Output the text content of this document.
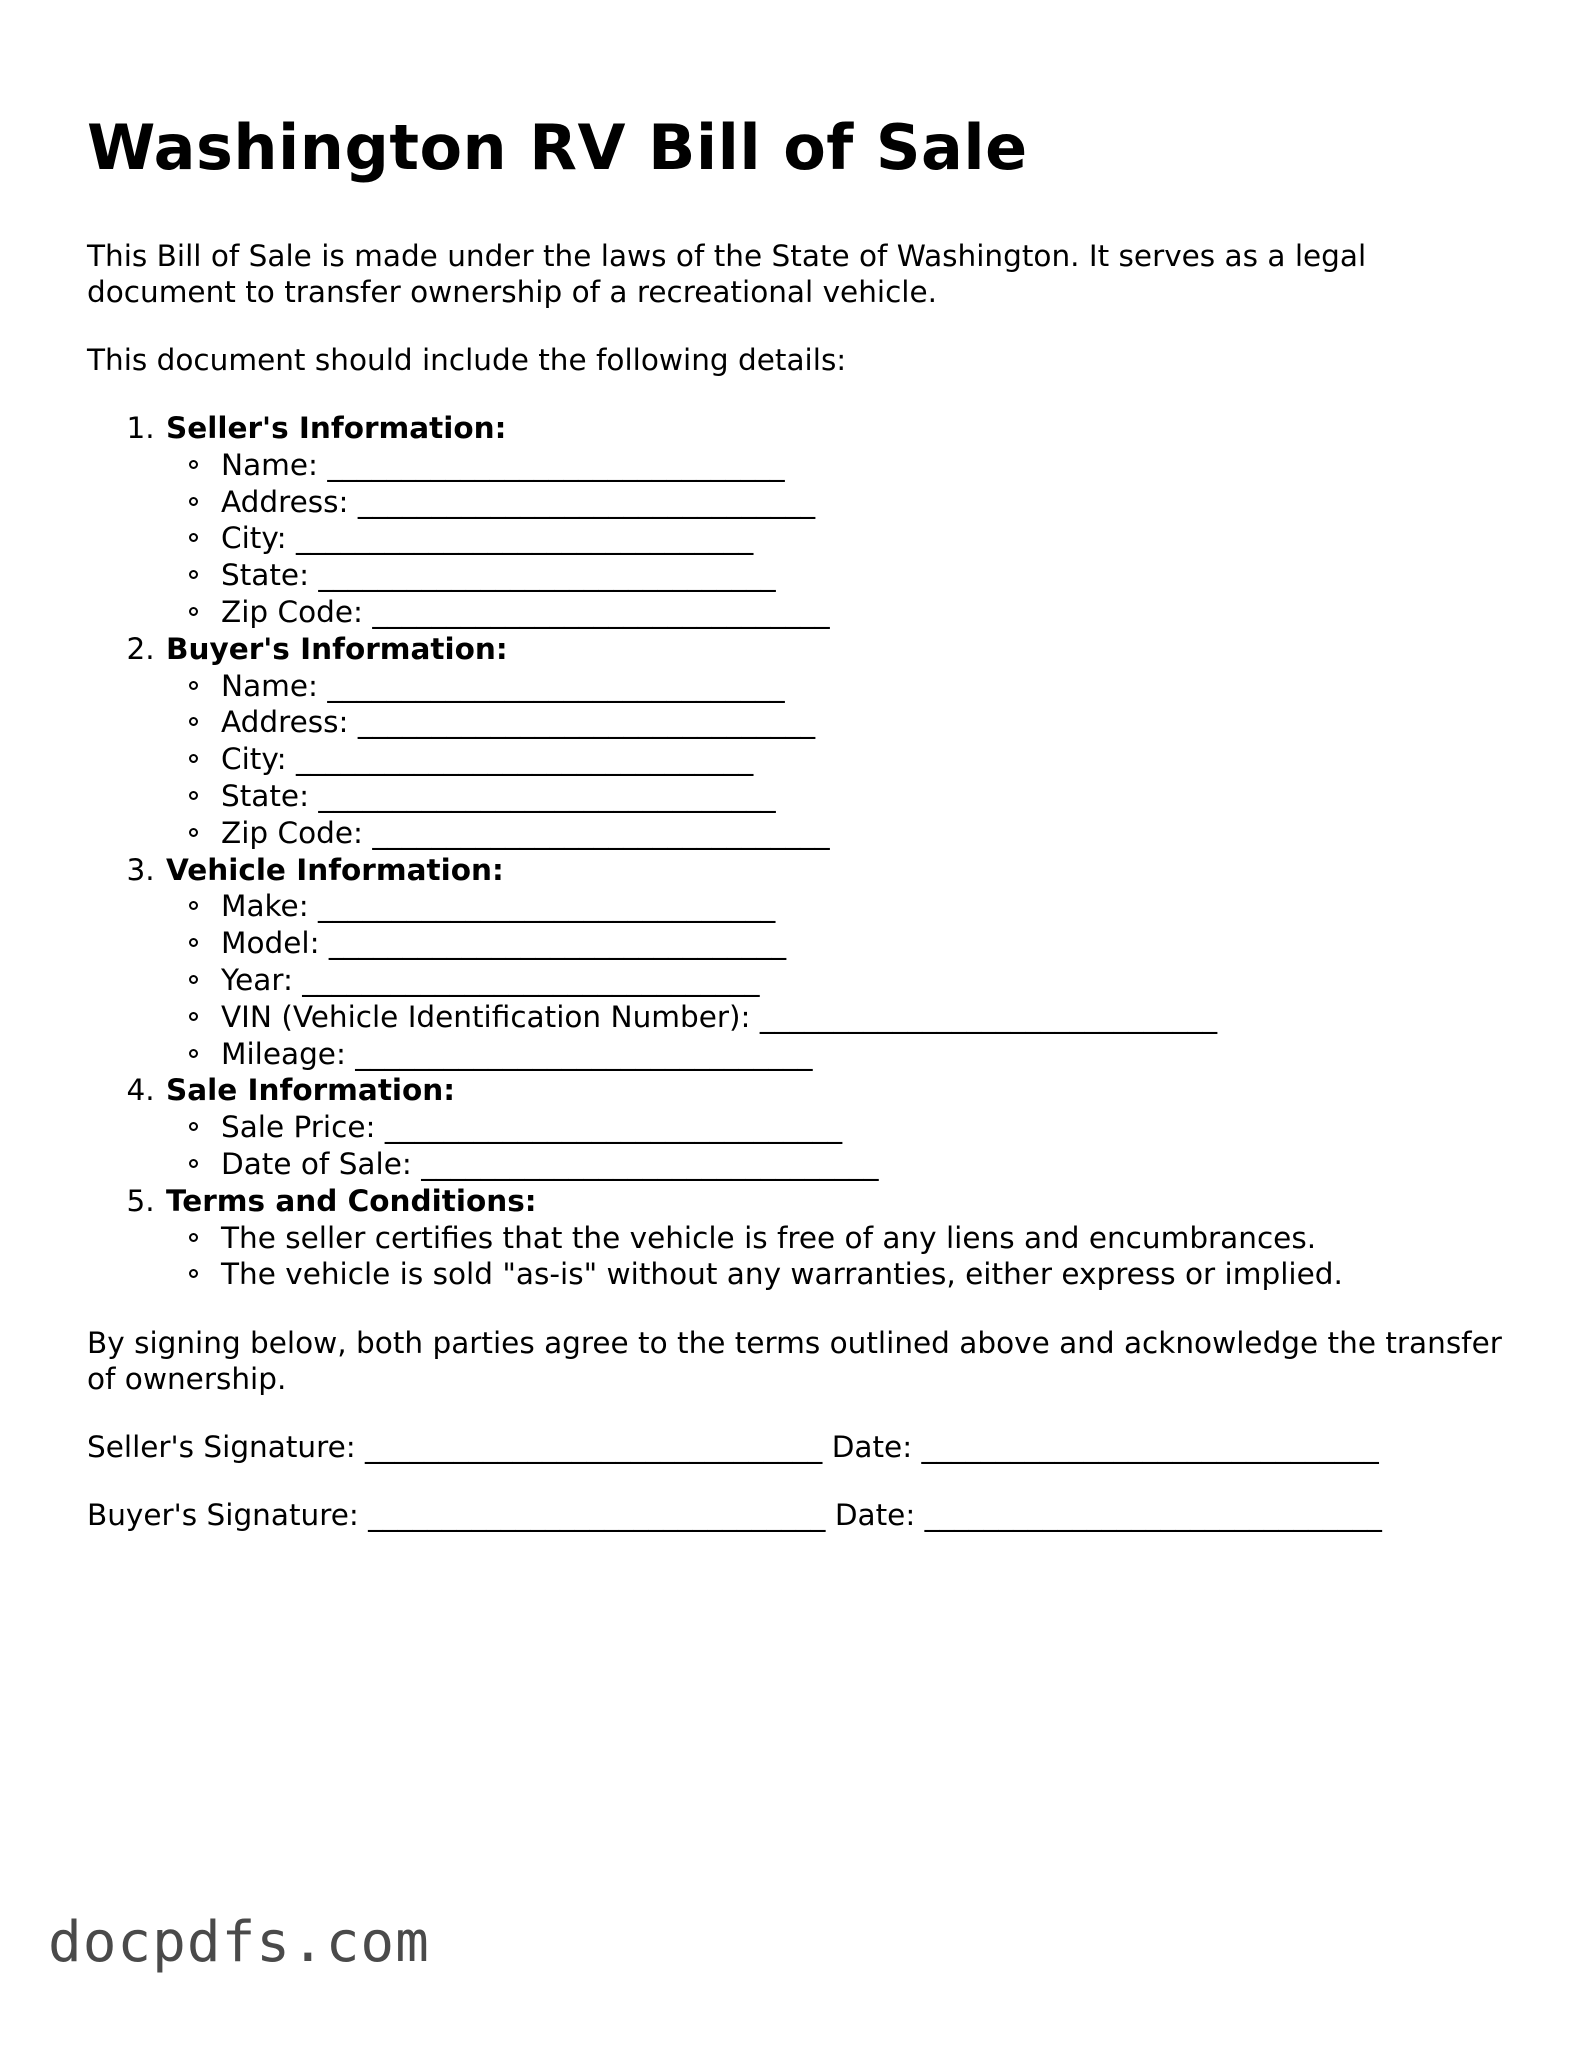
Washington RV Bill of Sale

This Bill of Sale is made under the laws of the State of Washington. It serves as a legal document to transfer ownership of a recreational vehicle.

This document should include the following details:

1. Seller's Information:
Name: _______________________________
Address: _______________________________
City: _______________________________
State: _______________________________
Zip Code: _______________________________
2. Buyer's Information:
Name: _______________________________
Address: _______________________________
City: _______________________________
State: _______________________________
Zip Code: _______________________________
3. Vehicle Information:
Make: _______________________________
Model: _______________________________
Year: _______________________________
VIN (Vehicle Identification Number): _______________________________
Mileage: _______________________________
4. Sale Information:
Sale Price: _______________________________
Date of Sale: _______________________________
5. Terms and Conditions:
The seller certifies that the vehicle is free of any liens and encumbrances.
The vehicle is sold "as-is" without any warranties, either express or implied.

By signing below, both parties agree to the terms outlined above and acknowledge the transfer of ownership.

Seller's Signature: _______________________________ Date: _______________________________
Buyer's Signature: _______________________________ Date: _______________________________
docpdfs.com
